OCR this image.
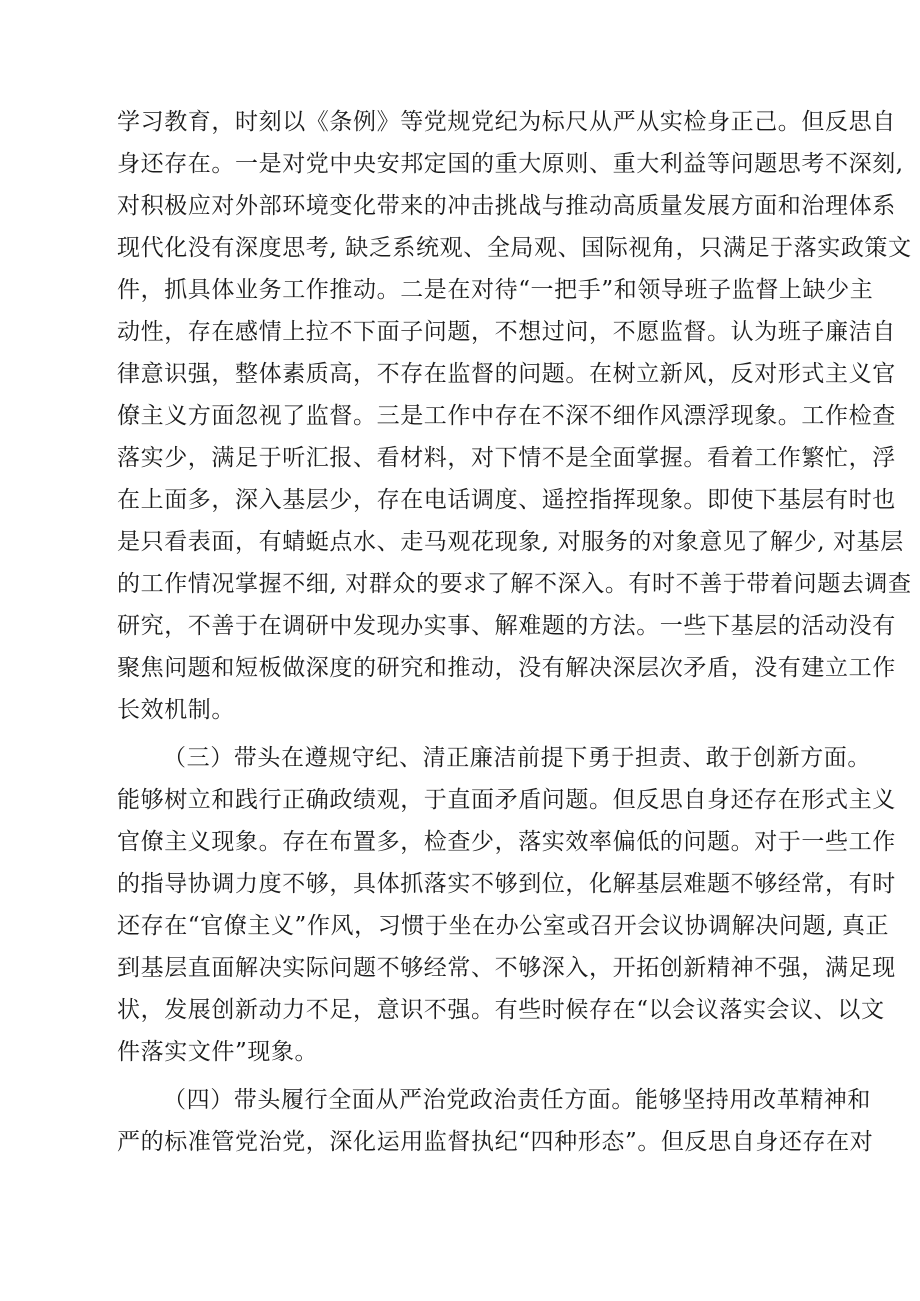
学习教育，时刻以《条例》等党规党纪为标尺从严从实检身正己。但反思自
身还存在。一是对党中央安邦定国的重大原则、重大利益等问题思考不深刻,
对积极应对外部环境变化带来的冲击挑战与推动高质量发展方面和治理体系
现代化没有深度思考, 缺乏系统观、全局观、国际视角，只满足于落实政策文
件，抓具体业务工作推动。二是在对待“一把手”和领导班子监督上缺少主
动性，存在感情上拉不下面子问题，不想过问，不愿监督。认为班子廉洁自
律意识强，整体素质高，不存在监督的问题。在树立新风，反对形式主义官
僚主义方面忽视了监督。三是工作中存在不深不细作风漂浮现象。工作检查
落实少，满足于听汇报、看材料，对下情不是全面掌握。看着工作繁忙，浮
在上面多，深入基层少，存在电话调度、遥控指挥现象。即使下基层有时也
是只看表面，有蜻蜓点水、走马观花现象, 对服务的对象意见了解少, 对基层
的工作情况掌握不细, 对群众的要求了解不深入。有时不善于带着问题去调查
研究，不善于在调研中发现办实事、解难题的方法。一些下基层的活动没有
聚焦问题和短板做深度的研究和推动，没有解决深层次矛盾，没有建立工作
长效机制。
（三）带头在遵规守纪、清正廉洁前提下勇于担责、敢于创新方面。
能够树立和践行正确政绩观，于直面矛盾问题。但反思自身还存在形式主义
官僚主义现象。存在布置多，检查少，落实效率偏低的问题。对于一些工作
的指导协调力度不够，具体抓落实不够到位，化解基层难题不够经常，有时
还存在“官僚主义”作风，习惯于坐在办公室或召开会议协调解决问题, 真正
到基层直面解决实际问题不够经常、不够深入，开拓创新精神不强，满足现
状，发展创新动力不足，意识不强。有些时候存在“以会议落实会议、以文
件落实文件”现象。
（四）带头履行全面从严治党政治责任方面。能够坚持用改革精神和
严的标准管党治党，深化运用监督执纪“四种形态”。但反思自身还存在对
